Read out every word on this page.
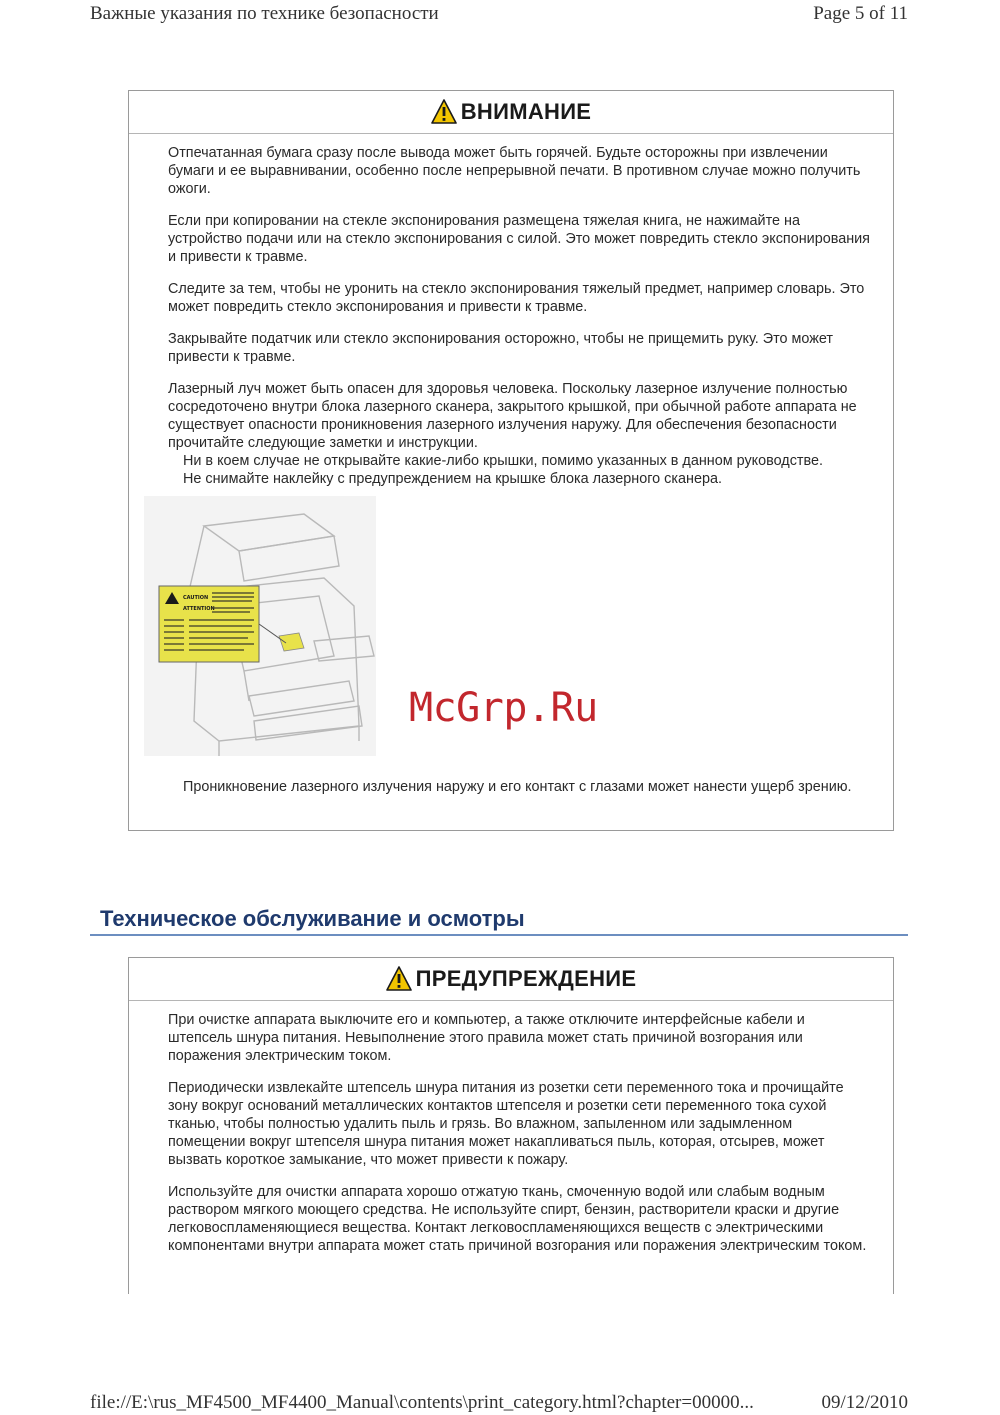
Важные указания по технике безопасности	Page 5 of 11
ВНИМАНИЕ

Отпечатанная бумага сразу после вывода может быть горячей. Будьте осторожны при извлечении бумаги и ее выравнивании, особенно после непрерывной печати. В противном случае можно получить ожоги.

Если при копировании на стекле экспонирования размещена тяжелая книга, не нажимайте на устройство подачи или на стекло экспонирования с силой. Это может повредить стекло экспонирования и привести к травме.

Следите за тем, чтобы не уронить на стекло экспонирования тяжелый предмет, например словарь. Это может повредить стекло экспонирования и привести к травме.

Закрывайте податчик или стекло экспонирования осторожно, чтобы не прищемить руку. Это может привести к травме.

Лазерный луч может быть опасен для здоровья человека. Поскольку лазерное излучение полностью сосредоточено внутри блока лазерного сканера, закрытого крышкой, при обычной работе аппарата не существует опасности проникновения лазерного излучения наружу. Для обеспечения безопасности прочитайте следующие заметки и инструкции.

Ни в коем случае не открывайте какие-либо крышки, помимо указанных в данном руководстве.
Не снимайте наклейку с предупреждением на крышке блока лазерного сканера.
CAUTION
ATTENTION
Проникновение лазерного излучения наружу и его контакт с глазами может нанести ущерб зрению.
McGrp.Ru
Техническое обслуживание и осмотры
ПРЕДУПРЕЖДЕНИЕ

При очистке аппарата выключите его и компьютер, а также отключите интерфейсные кабели и штепсель шнура питания. Невыполнение этого правила может стать причиной возгорания или поражения электрическим током.

Периодически извлекайте штепсель шнура питания из розетки сети переменного тока и прочищайте зону вокруг оснований металлических контактов штепселя и розетки сети переменного тока сухой тканью, чтобы полностью удалить пыль и грязь. Во влажном, запыленном или задымленном помещении вокруг штепселя шнура питания может накапливаться пыль, которая, отсырев, может вызвать короткое замыкание, что может привести к пожару.

Используйте для очистки аппарата хорошо отжатую ткань, смоченную водой или слабым водным раствором мягкого моющего средства. Не используйте спирт, бензин, растворители краски и другие легковоспламеняющиеся вещества. Контакт легковоспламеняющихся веществ с электрическими компонентами внутри аппарата может стать причиной возгорания или поражения электрическим током.

file://E:\rus_MF4500_MF4400_Manual\contents\print_category.html?chapter=00000...	09/12/2010
